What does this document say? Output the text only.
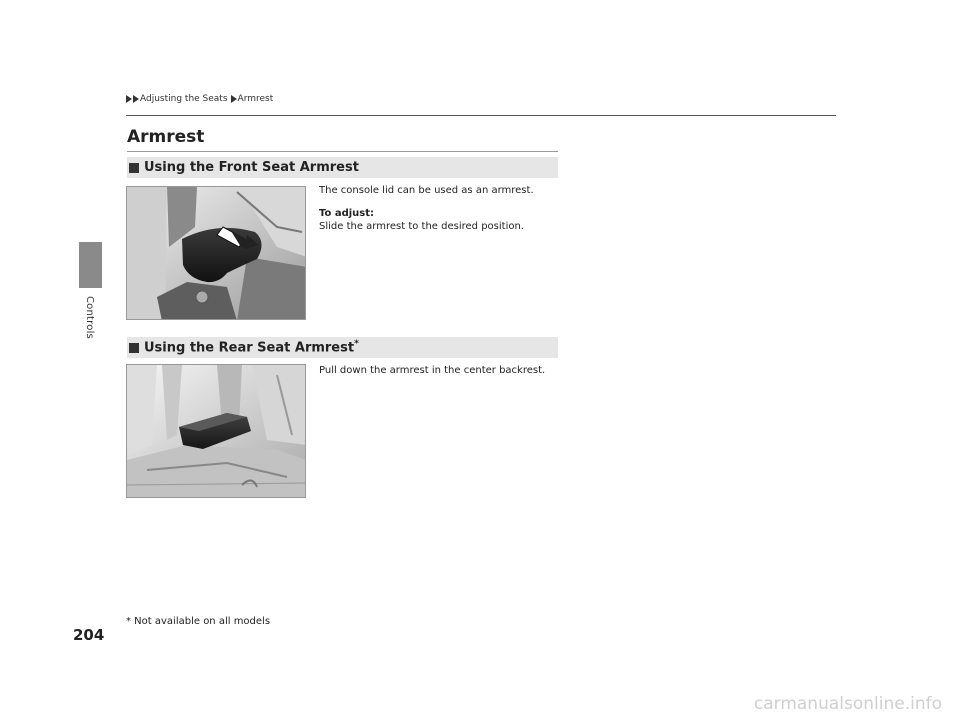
Controls
Adjusting the Seats Armrest
Armrest
Using the Front Seat Armrest

The console lid can be used as an armrest.

To adjust:

Slide the armrest to the desired position.

Using the Rear Seat Armrest*

Pull down the armrest in the center backrest.

204
* Not available on all models
carmanualsonline.info
